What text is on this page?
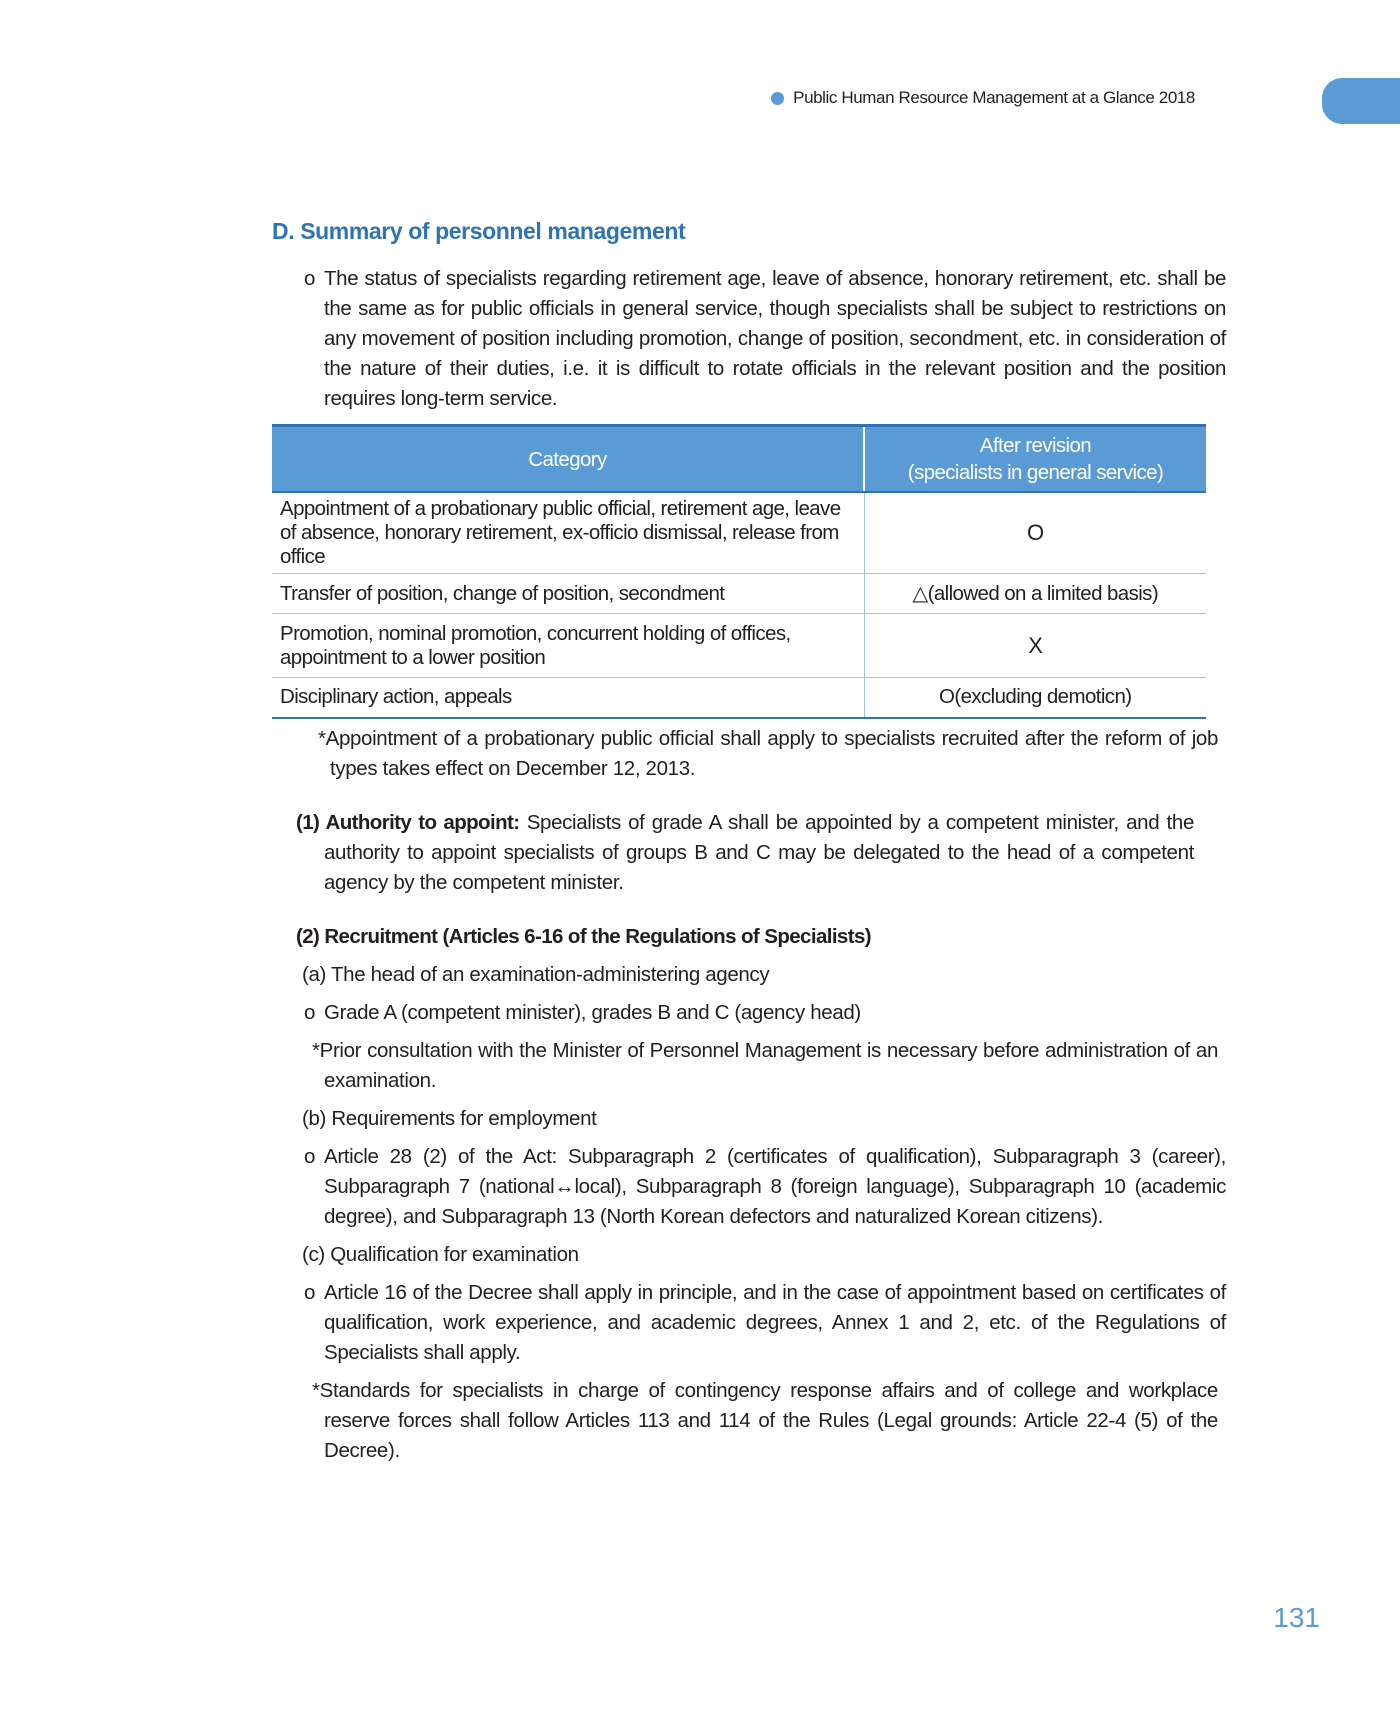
Public Human Resource Management at a Glance 2018
D. Summary of personnel management
o The status of specialists regarding retirement age, leave of absence, honorary retirement, etc. shall be the same as for public officials in general service, though specialists shall be subject to restrictions on any movement of position including promotion, change of position, secondment, etc. in consideration of the nature of their duties, i.e. it is difficult to rotate officials in the relevant position and the position requires long-term service.
Category	After revision
(specialists in general service)
Appointment of a probationary public official, retirement age, leave
of absence, honorary retirement, ex-officio dismissal, release from office	O
Transfer of position, change of position, secondment	△(allowed on a limited basis)
Promotion, nominal promotion, concurrent holding of offices,
appointment to a lower position	X
Disciplinary action, appeals	O(excluding demoticn)
*Appointment of a probationary public official shall apply to specialists recruited after the reform of job types takes effect on December 12, 2013.
(1) Authority to appoint: Specialists of grade A shall be appointed by a competent minister, and the authority to appoint specialists of groups B and C may be delegated to the head of a competent agency by the competent minister.
(2) Recruitment (Articles 6-16 of the Regulations of Specialists)
(a) The head of an examination-administering agency
o Grade A (competent minister), grades B and C (agency head)
*Prior consultation with the Minister of Personnel Management is necessary before administration of an examination.
(b) Requirements for employment
o Article 28 (2) of the Act: Subparagraph 2 (certificates of qualification), Subparagraph 3 (career), Subparagraph 7 (national↔local), Subparagraph 8 (foreign language), Subparagraph 10 (academic degree), and Subparagraph 13 (North Korean defectors and naturalized Korean citizens).
(c) Qualification for examination
o Article 16 of the Decree shall apply in principle, and in the case of appointment based on certificates of qualification, work experience, and academic degrees, Annex 1 and 2, etc. of the Regulations of Specialists shall apply.
*Standards for specialists in charge of contingency response affairs and of college and workplace reserve forces shall follow Articles 113 and 114 of the Rules (Legal grounds: Article 22-4 (5) of the Decree).
131
